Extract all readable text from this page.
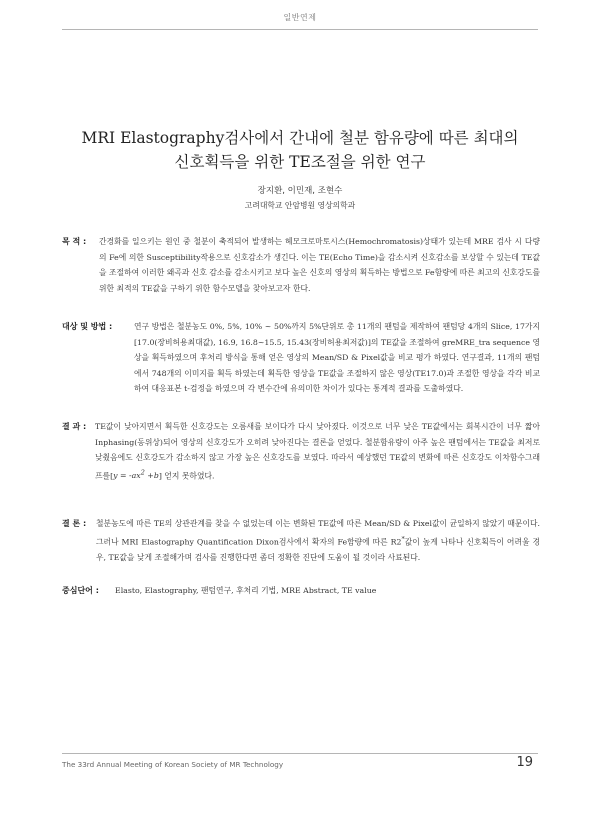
일반연제
MRI Elastography검사에서 간내에 철분 함유량에 따른 최대의
신호획득을 위한 TE조절을 위한 연구
장지환, 이민재, 조현수
고려대학교 안암병원 영상의학과
목 적 : 간경화를 일으키는 원인 중 철분이 축적되어 발생하는 헤모크로마토시스(Hemochromatosis)상태가 있는데 MRE 검사 시 다량의 Fe에 의한 Susceptibility작용으로 신호감소가 생긴다. 이는 TE(Echo Time)을 감소시켜 신호감소를 보상할 수 있는데 TE값을 조절하여 이러한 왜곡과 신호 감소를 감소시키고 보다 높은 신호의 영상의 획득하는 방법으로 Fe함량에 따른 최고의 신호강도를 위한 최적의 TE값을 구하기 위한 함수모델을 찾아보고자 한다.
대상 및 방법 :	연구 방법은 철분농도 0%, 5%, 10% ~ 50%까지 5%단위로 총 11개의 팬텀을 제작하여 팬텀당 4개의 Slice, 17가지[17.0(장비허용최대값), 16.9, 16.8~15.5, 15.43(장비허용최저값)]의 TE값을 조절하여 greMRE_tra sequence 영상을 획득하였으며 후처리 방식을 통해 얻은 영상의 Mean/SD & Pixel값을 비교 평가 하였다. 연구결과, 11개의 팬텀에서 748개의 이미지를 획득 하였는데 획득한 영상을 TE값을 조절하지 않은 영상(TE17.0)과 조절한 영상을 각각 비교하여 대응표본 t-검정을 하였으며 각 변수간에 유의미한 차이가 있다는 통계적 결과를 도출하였다.
결 과 : TE값이 낮아지면서 획득한 신호강도는 오름새를 보이다가 다시 낮아졌다. 이것으로 너무 낮은 TE값에서는 회복시간이 너무 짧아 Inphasing(동위상)되어 영상의 신호강도가 오히려 낮아진다는 결론을 얻었다. 철분함유량이 아주 높은 팬텀에서는 TE값을 최저로 낮췄음에도 신호강도가 감소하지 않고 가장 높은 신호강도를 보였다. 따라서 예상했던 TE값의 변화에 따른 신호강도 이차함수그래프를$[y = -ax^2 +b]$ 얻지 못하였다.
결 론 : 철분농도에 따른 TE의 상관관계를 찾을 수 없었는데 이는 변화된 TE값에 따른 Mean/SD & Pixel값이 균일하지 않았기 때문이다. 그러나 MRI Elastography Quantification Dixon검사에서 확자의 Fe함량에 따른 R2*값이 높게 나타나 신호획득이 어려울 경우, TE값을 낮게 조절해가며 검사를 진행한다면 좀더 정확한 진단에 도움이 될 것이라 사료된다.
중심단어 : Elasto, Elastography, 팬텀연구, 후처리 기법, MRE Abstract, TE value
The 33rd Annual Meeting of Korean Society of MR Technology	19
